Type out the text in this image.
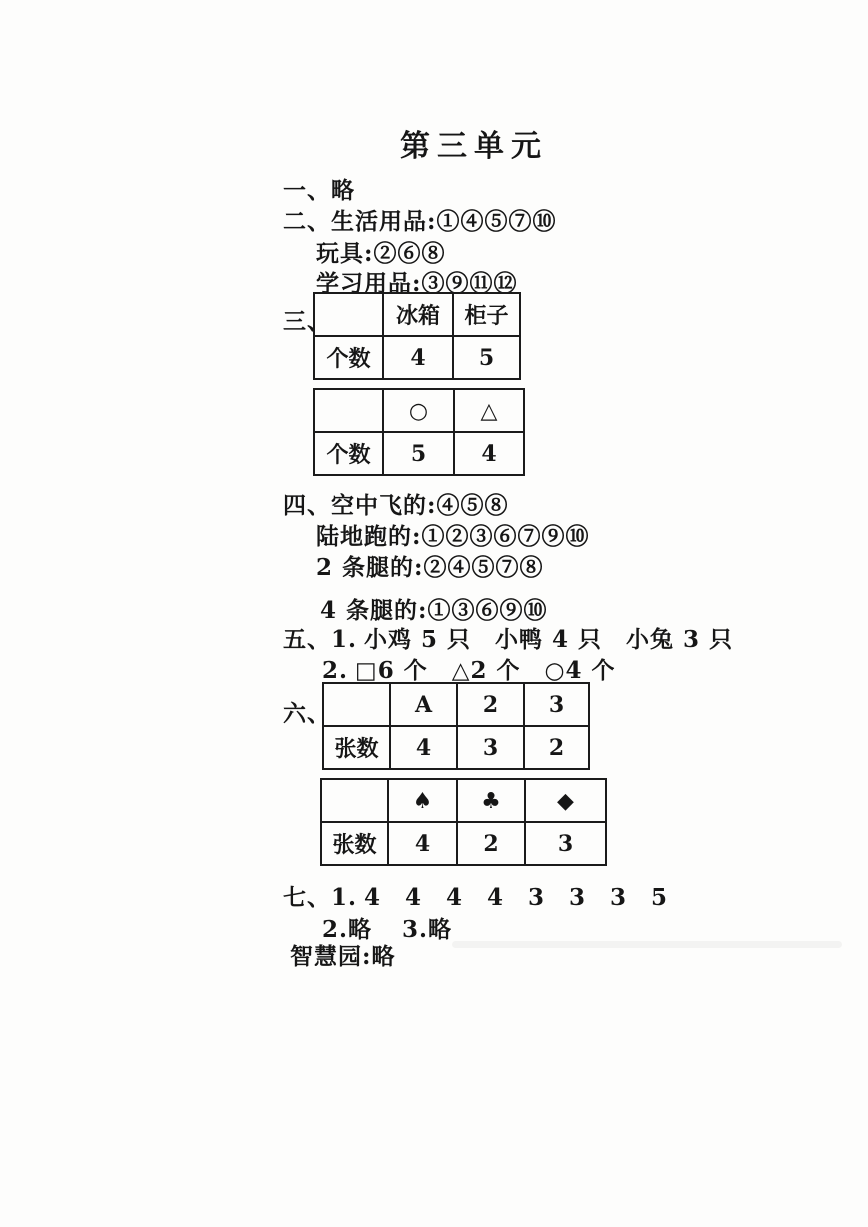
第三单元
一、略
二、生活用品:①④⑤⑦⑩
玩具:②⑥⑧
学习用品:③⑨⑪⑫
三、
		冰箱	柜子
个数	4	5
	○	△
个数	5	4
四、空中飞的:④⑤⑧
陆地跑的:①②③⑥⑦⑨⑩
2 条腿的:②④⑤⑦⑧
4 条腿的:①③⑥⑨⑩
五、1. 小鸡 5 只　小鸭 4 只　小兔 3 只
2. □6 个　△2 个　○4 个
六、
		A	2	3
张数	4	3	2
	♠	♣	◆
张数	4	2	3
七、1. 4　4　4　4　3　3　3　5
2.略 3.略
智慧园:略
